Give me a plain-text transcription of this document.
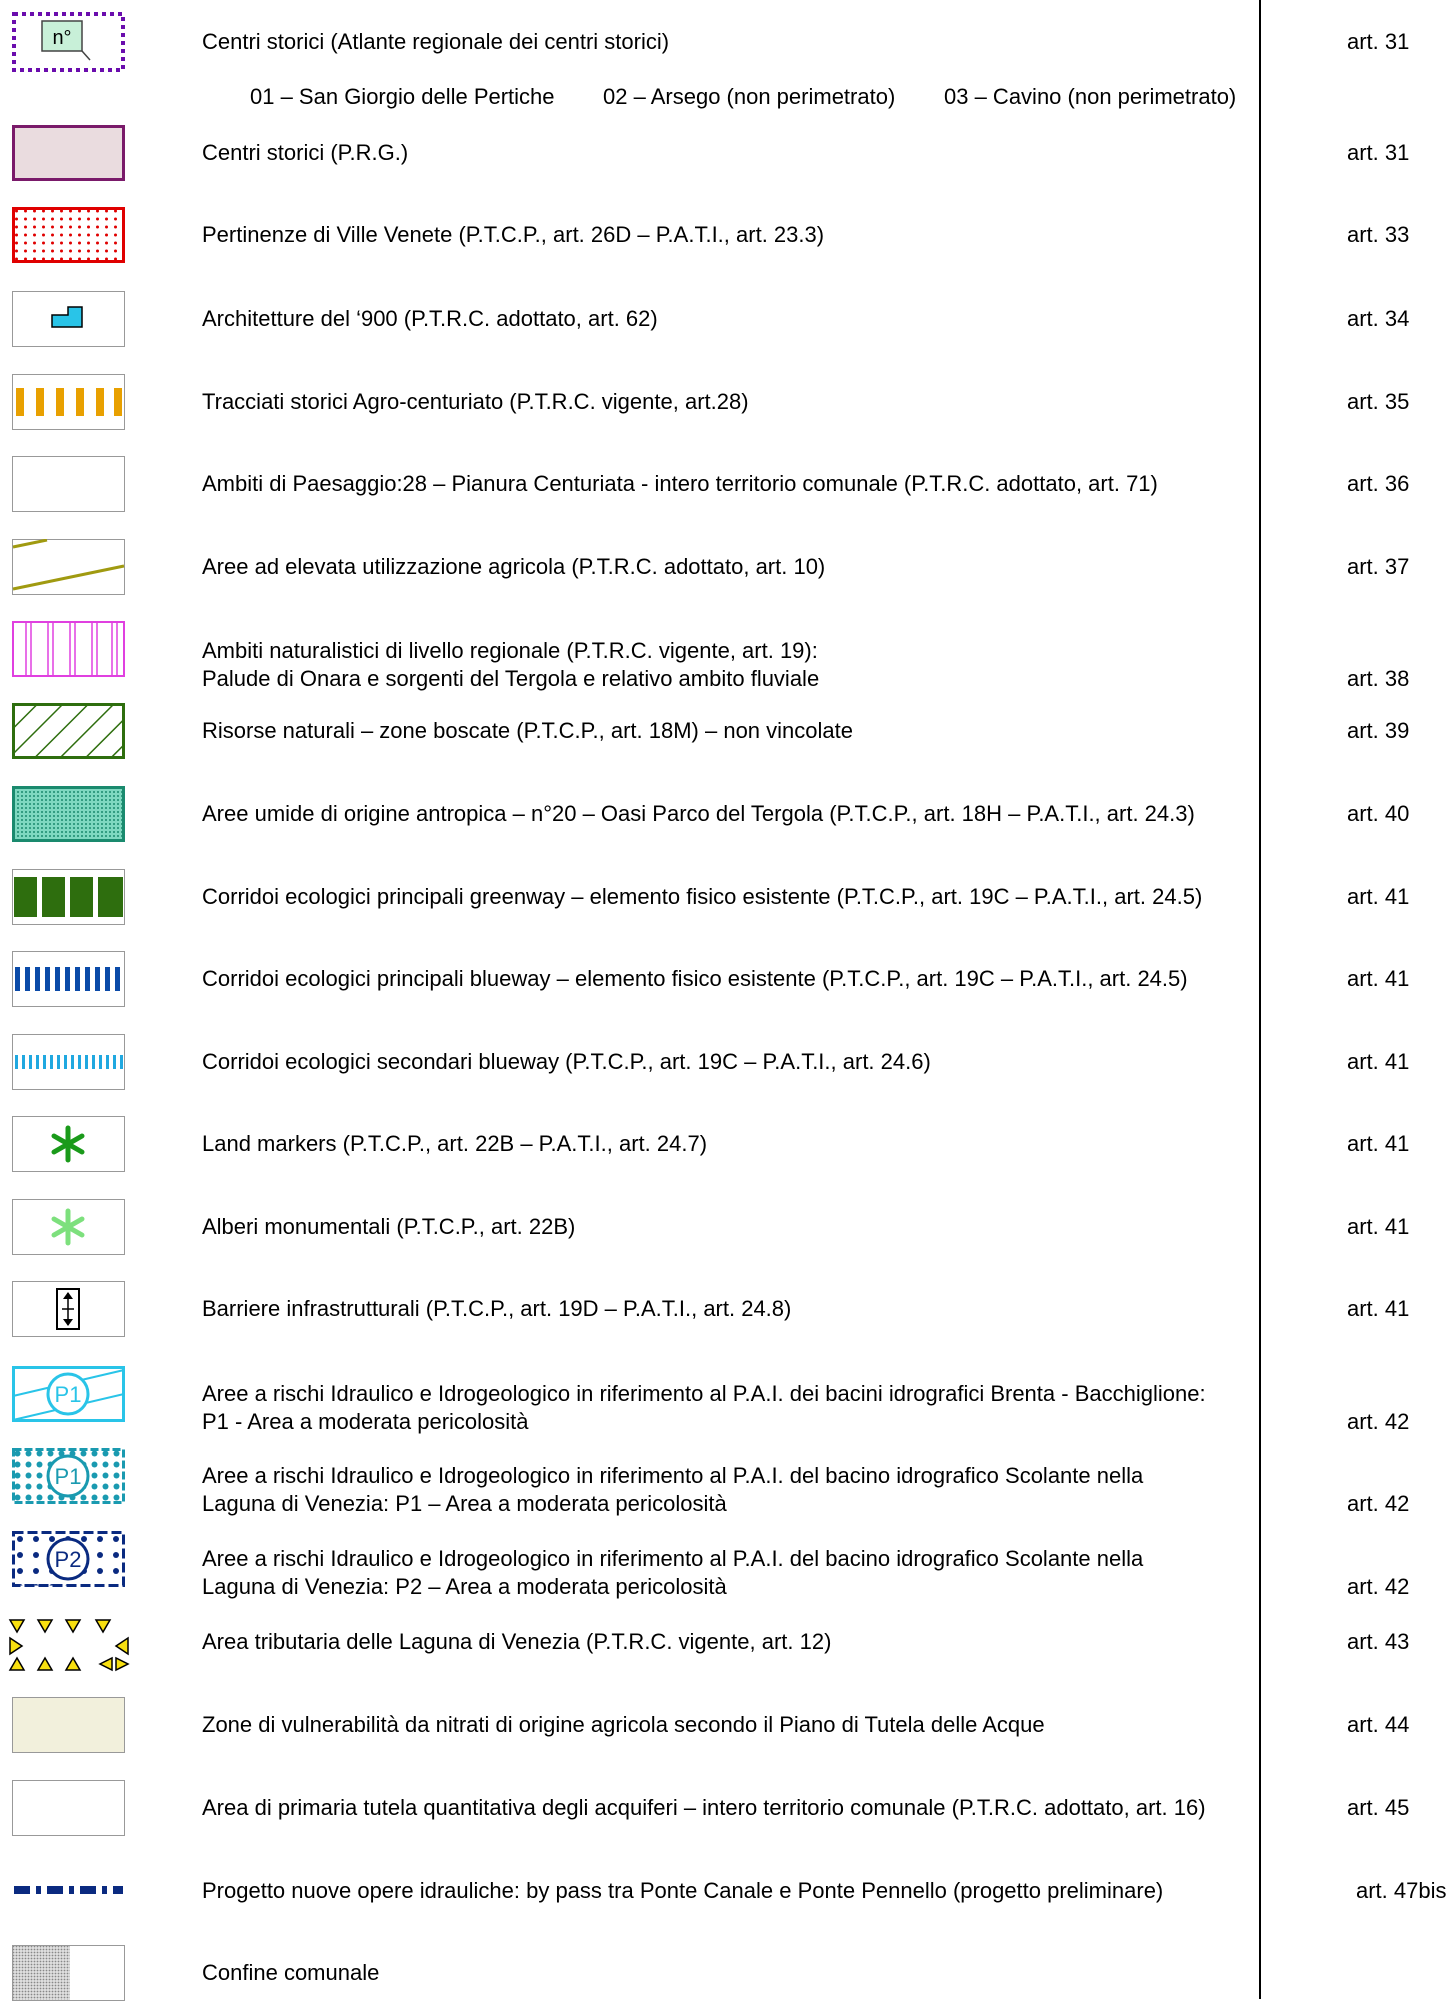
n°	Centri storici (Atlante regionale dei centri storici)	art. 31
01 – San Giorgio delle Pertiche 02 – Arsego (non perimetrato) 03 – Cavino (non perimetrato)
Centri storici (P.R.G.)	art. 31
Pertinenze di Ville Venete (P.T.C.P., art. 26D – P.A.T.I., art. 23.3)	art. 33
Architetture del ‘900 (P.T.R.C. adottato, art. 62)	art. 34
Tracciati storici Agro-centuriato (P.T.R.C. vigente, art.28)	art. 35
Ambiti di Paesaggio:28 – Pianura Centuriata - intero territorio comunale (P.T.R.C. adottato, art. 71)	art. 36
Aree ad elevata utilizzazione agricola (P.T.R.C. adottato, art. 10)	art. 37
Ambiti naturalistici di livello regionale (P.T.R.C. vigente, art. 19):
Palude di Onara e sorgenti del Tergola e relativo ambito fluviale	art. 38
Risorse naturali – zone boscate (P.T.C.P., art. 18M) – non vincolate	art. 39
Aree umide di origine antropica – n°20 – Oasi Parco del Tergola (P.T.C.P., art. 18H – P.A.T.I., art. 24.3)	art. 40
Corridoi ecologici principali greenway – elemento fisico esistente (P.T.C.P., art. 19C – P.A.T.I., art. 24.5)	art. 41
Corridoi ecologici principali blueway – elemento fisico esistente (P.T.C.P., art. 19C – P.A.T.I., art. 24.5)	art. 41
Corridoi ecologici secondari blueway (P.T.C.P., art. 19C – P.A.T.I., art. 24.6)	art. 41
Land markers (P.T.C.P., art. 22B – P.A.T.I., art. 24.7)	art. 41
Alberi monumentali (P.T.C.P., art. 22B)	art. 41
Barriere infrastrutturali (P.T.C.P., art. 19D – P.A.T.I., art. 24.8)	art. 41
P1	Aree a rischi Idraulico e Idrogeologico in riferimento al P.A.I. dei bacini idrografici Brenta - Bacchiglione:
P1 - Area a moderata pericolosità	art. 42
P1	Aree a rischi Idraulico e Idrogeologico in riferimento al P.A.I. del bacino idrografico Scolante nella
Laguna di Venezia: P1 – Area a moderata pericolosità	art. 42
P2	Aree a rischi Idraulico e Idrogeologico in riferimento al P.A.I. del bacino idrografico Scolante nella
Laguna di Venezia: P2 – Area a moderata pericolosità	art. 42
Area tributaria delle Laguna di Venezia (P.T.R.C. vigente, art. 12)	art. 43
Zone di vulnerabilità da nitrati di origine agricola secondo il Piano di Tutela delle Acque	art. 44
Area di primaria tutela quantitativa degli acquiferi – intero territorio comunale (P.T.R.C. adottato, art. 16)	art. 45
Progetto nuove opere idrauliche: by pass tra Ponte Canale e Ponte Pennello (progetto preliminare)	art. 47bis
Confine comunale
